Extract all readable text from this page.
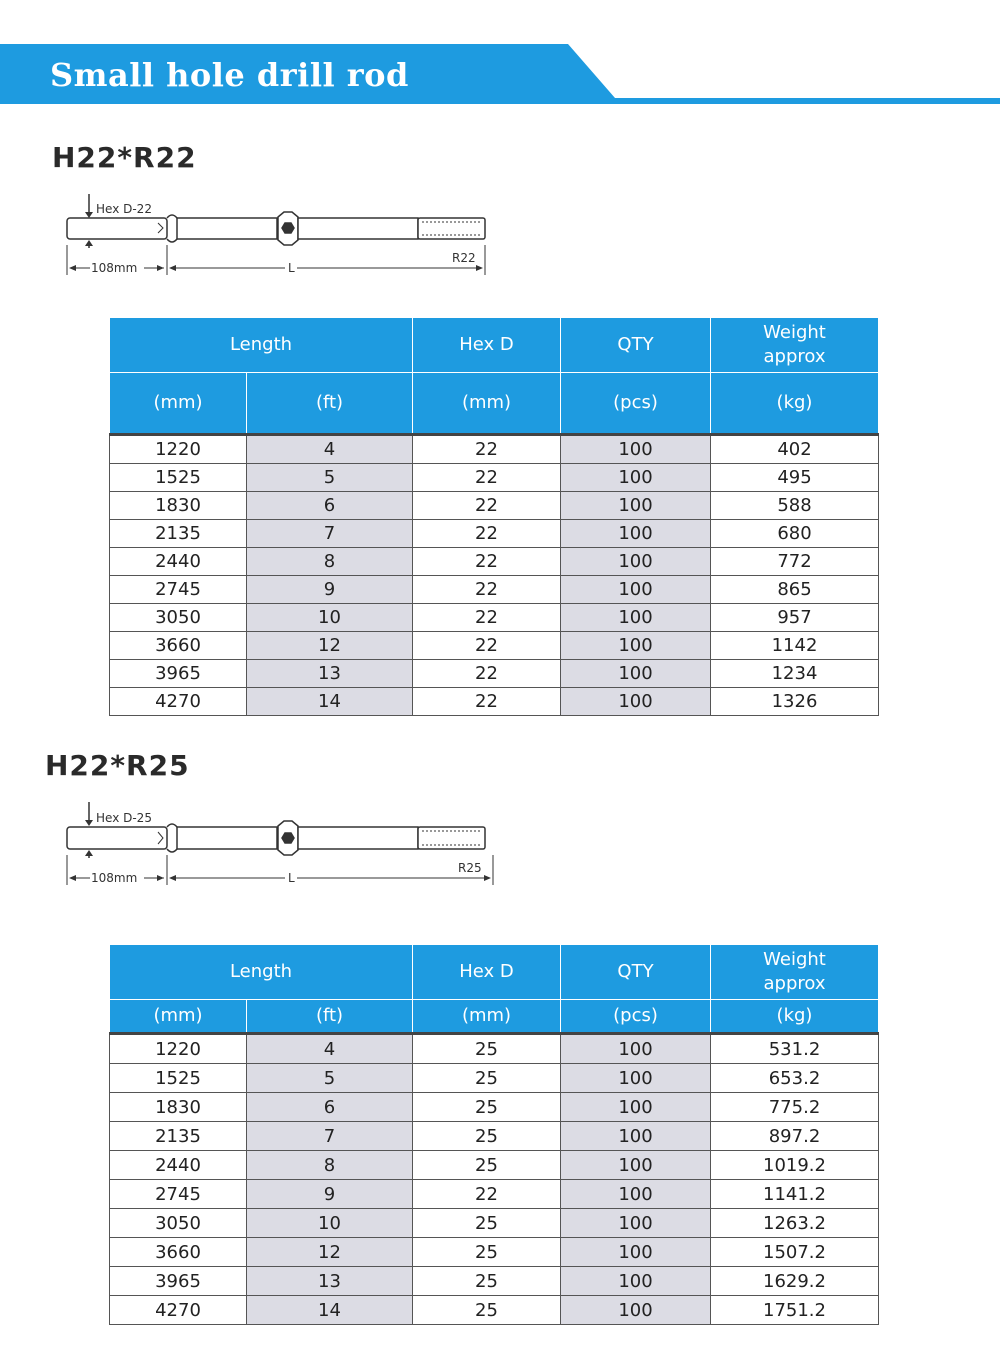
Small hole drill rod
H22*R22
Hex D-22
108mm	L
R22
Length		Hex D	QTY	Weight
approx
(mm)	(ft)	(mm)	(pcs)	(kg)
1220	4	22	100	402
1525	5	22	100	495
1830	6	22	100	588
2135	7	22	100	680
2440	8	22	100	772
2745	9	22	100	865
3050	10	22	100	957
3660	12	22	100	1142
3965	13	22	100	1234
4270	14	22	100	1326
H22*R25
Hex D-25
108mm	L
R25
Length		Hex D	QTY	Weight
approx
(mm)	(ft)	(mm)	(pcs)	(kg)
1220	4	25	100	531.2
1525	5	25	100	653.2
1830	6	25	100	775.2
2135	7	25	100	897.2
2440	8	25	100	1019.2
2745	9	22	100	1141.2
3050	10	25	100	1263.2
3660	12	25	100	1507.2
3965	13	25	100	1629.2
4270	14	25	100	1751.2
